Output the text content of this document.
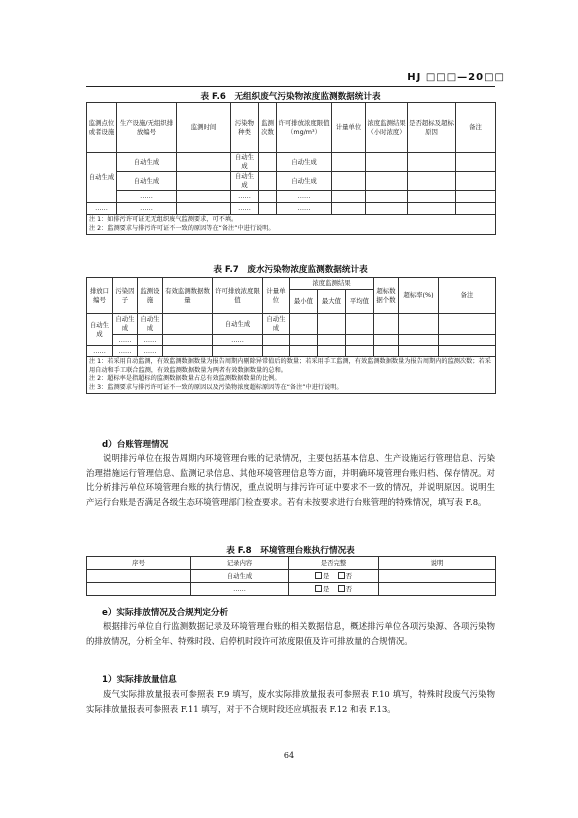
HJ □□□—20□□
表 F.6　无组织废气污染物浓度监测数据统计表
监测点位或者设施	生产设施/无组织排放编号	监测时间	污染物种类	监测次数	许可排放浓度限值（mg/m³）	计量单位	浓度监测结果（小时浓度）	是否超标及超标原因	备注
自动生成	自动生成		自动生成		自动生成				
	自动生成		自动生成		自动生成				
	……		……		……				
……	……		……		……				

注 1：如排污许可证无无组织废气监测要求，可不填。
注 2：监测要求与排污许可证不一致的原因等在“备注”中进行说明。									
表 F.7　废水污染物浓度监测数据统计表
排放口编号	污染因子	监测设施	有效监测数据数量	许可排放浓度限值	计量单位	浓度监测结果			超标数据个数	超标率(%)	备注
						最小值	最大值	平均值			
自动生成	自动生成	自动生成		自动生成	自动生成						
	……	……		……							
……	……	……									

注 1：若采用自动监测，有效监测数据数量为报告周期内剔除异常值后的数量；若采用手工监测，有效监测数据数量为报告周期内的监测次数；若采用自动和手工联合监测，有效监测数据数量为两者有效数据数量的总和。
注 2：超标率是指超标的监测数据数量占总有效监测数据数量的比例。
注 3：监测要求与排污许可证不一致的原因以及污染物浓度超标原因等在“备注”中进行说明。											
d）台账管理情况

说明排污单位在报告周期内环境管理台账的记录情况，主要包括基本信息、生产设施运行管理信息、污染治理措施运行管理信息、监测记录信息、其他环境管理信息等方面，并明确环境管理台账归档、保存情况。对比分析排污单位环境管理台账的执行情况，重点说明与排污许可证中要求不一致的情况，并说明原因。说明生产运行台账是否满足各级生态环境管理部门检查要求。若有未按要求进行台账管理的特殊情况，填写表 F.8。

表 F.8　环境管理台账执行情况表
序号	记录内容	是否完整	说明
	自动生成	是 否	
	……	是 否	
e）实际排放情况及合规判定分析

根据排污单位自行监测数据记录及环境管理台账的相关数据信息，概述排污单位各项污染源、各项污染物的排放情况，分析全年、特殊时段、启停机时段许可浓度限值及许可排放量的合规情况。

1）实际排放量信息

废气实际排放量报表可参照表 F.9 填写，废水实际排放量报表可参照表 F.10 填写，特殊时段废气污染物实际排放量报表可参照表 F.11 填写，对于不合规时段还应填报表 F.12 和表 F.13。

64
